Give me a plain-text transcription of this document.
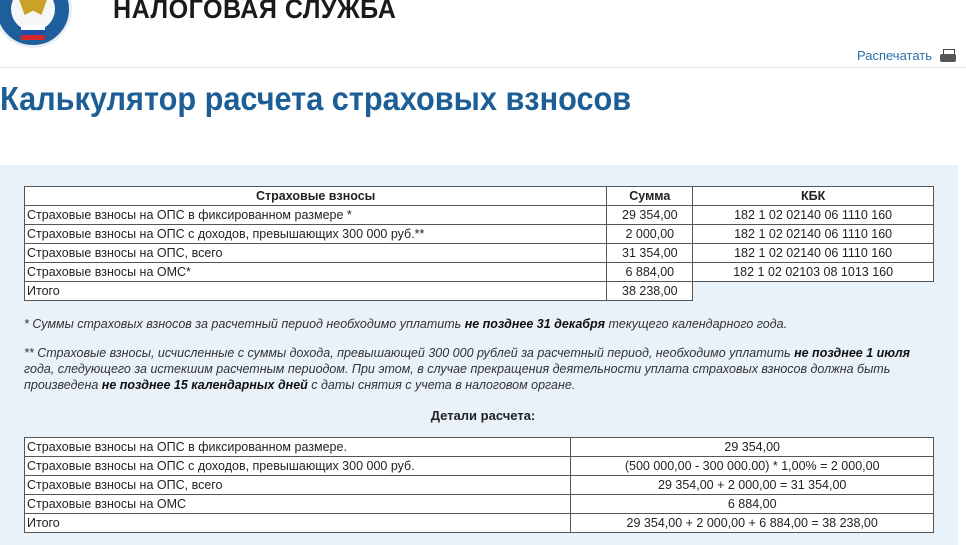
НАЛОГОВАЯ СЛУЖБА
Распечатать
Калькулятор расчета страховых взносов
Страховые взносы	Сумма	КБК
Страховые взносы на ОПС в фиксированном размере *	29 354,00	182 1 02 02140 06 1110 160
Страховые взносы на ОПС с доходов, превышающих 300 000 руб.**	2 000,00	182 1 02 02140 06 1110 160
Страховые взносы на ОПС, всего	31 354,00	182 1 02 02140 06 1110 160
Страховые взносы на ОМС*	6 884,00	182 1 02 02103 08 1013 160
Итого	38 238,00	
* Суммы страховых взносов за расчетный период необходимо уплатить не позднее 31 декабря текущего календарного года.
** Страховые взносы, исчисленные с суммы дохода, превышающей 300 000 рублей за расчетный период, необходимо уплатить не позднее 1 июля года, следующего за истекшим расчетным периодом. При этом, в случае прекращения деятельности уплата страховых взносов должна быть произведена не позднее 15 календарных дней с даты снятия с учета в налоговом органе.
Детали расчета:
Страховые взносы на ОПС в фиксированном размере.	29 354,00
Страховые взносы на ОПС с доходов, превышающих 300 000 руб.	(500 000,00 - 300 000.00) * 1,00% = 2 000,00
Страховые взносы на ОПС, всего	29 354,00 + 2 000,00 = 31 354,00
Страховые взносы на ОМС	6 884,00
Итого	29 354,00 + 2 000,00 + 6 884,00 = 38 238,00
